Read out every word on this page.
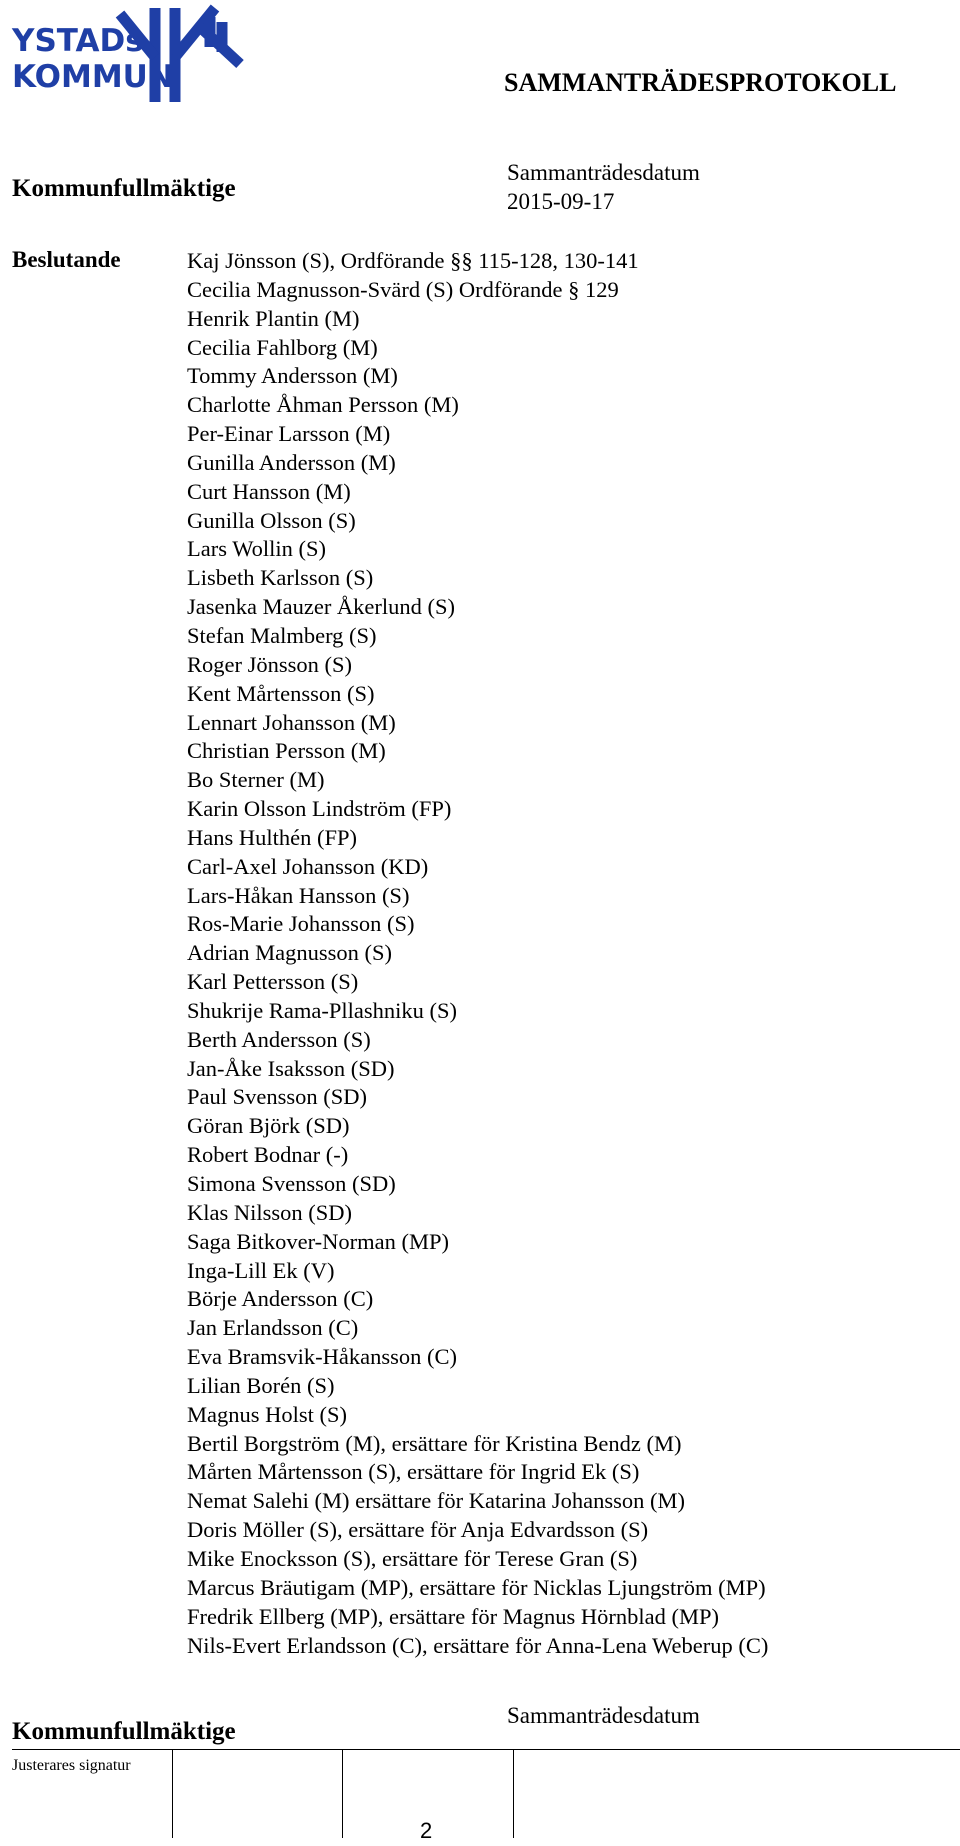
YSTADs
KOMMUN	SAMMANTRÄDESPROTOKOLL
Kommunfullmäktige
Sammanträdesdatum
2015-09-17
Beslutande	Kaj Jönsson (S), Ordförande §§ 115-128, 130-141
Cecilia Magnusson-Svärd (S) Ordförande § 129
Henrik Plantin (M)
Cecilia Fahlborg (M)
Tommy Andersson (M)
Charlotte Åhman Persson (M)
Per-Einar Larsson (M)
Gunilla Andersson (M)
Curt Hansson (M)
Gunilla Olsson (S)
Lars Wollin (S)
Lisbeth Karlsson (S)
Jasenka Mauzer Åkerlund (S)
Stefan Malmberg (S)
Roger Jönsson (S)
Kent Mårtensson (S)
Lennart Johansson (M)
Christian Persson (M)
Bo Sterner (M)
Karin Olsson Lindström (FP)
Hans Hulthén (FP)
Carl-Axel Johansson (KD)
Lars-Håkan Hansson (S)
Ros-Marie Johansson (S)
Adrian Magnusson (S)
Karl Pettersson (S)
Shukrije Rama-Pllashniku (S)
Berth Andersson (S)
Jan-Åke Isaksson (SD)
Paul Svensson (SD)
Göran Björk (SD)
Robert Bodnar (-)
Simona Svensson (SD)
Klas Nilsson (SD)
Saga Bitkover-Norman (MP)
Inga-Lill Ek (V)
Börje Andersson (C)
Jan Erlandsson (C)
Eva Bramsvik-Håkansson (C)
Lilian Borén (S)
Magnus Holst (S)
Bertil Borgström (M), ersättare för Kristina Bendz (M)
Mårten Mårtensson (S), ersättare för Ingrid Ek (S)
Nemat Salehi (M) ersättare för Katarina Johansson (M)
Doris Möller (S), ersättare för Anja Edvardsson (S)
Mike Enocksson (S), ersättare för Terese Gran (S)
Marcus Bräutigam (MP), ersättare för Nicklas Ljungström (MP)
Fredrik Ellberg (MP), ersättare för Magnus Hörnblad (MP)
Nils-Evert Erlandsson (C), ersättare för Anna-Lena Weberup (C)
Kommunfullmäktige
Sammanträdesdatum
Justerares signatur
2
